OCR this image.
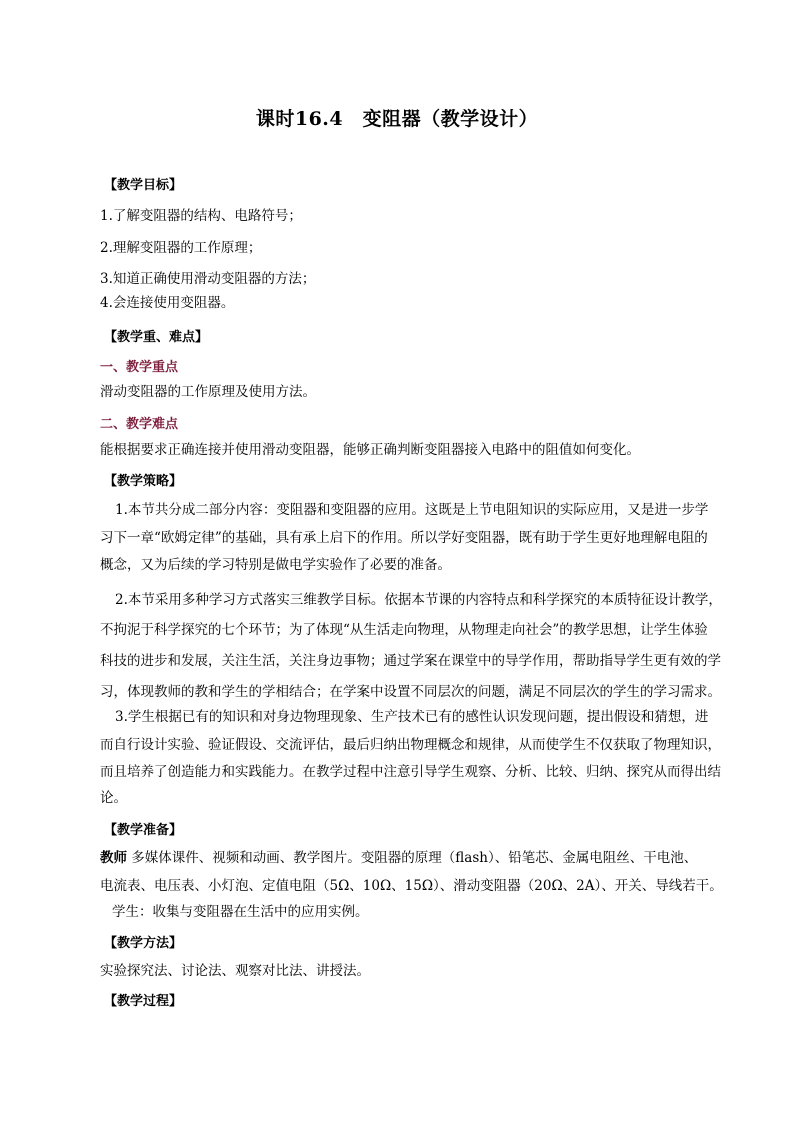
课时16.4　变阻器（教学设计）
【教学目标】
1.了解变阻器的结构、电路符号；
2.理解变阻器的工作原理；
3.知道正确使用滑动变阻器的方法；
4.会连接使用变阻器。
【教学重、难点】
一、教学重点
滑动变阻器的工作原理及使用方法。
二、教学难点
能根据要求正确连接并使用滑动变阻器，能够正确判断变阻器接入电路中的阻值如何变化。
【教学策略】
1.本节共分成二部分内容：变阻器和变阻器的应用。这既是上节电阻知识的实际应用，又是进一步学
习下一章“欧姆定律”的基础，具有承上启下的作用。所以学好变阻器，既有助于学生更好地理解电阻的
概念，又为后续的学习特别是做电学实验作了必要的准备。
2.本节采用多种学习方式落实三维教学目标。依据本节课的内容特点和科学探究的本质特征设计教学，
不拘泥于科学探究的七个环节；为了体现“从生活走向物理，从物理走向社会”的教学思想，让学生体验
科技的进步和发展，关注生活，关注身边事物；通过学案在课堂中的导学作用，帮助指导学生更有效的学
习，体现教师的教和学生的学相结合；在学案中设置不同层次的问题，满足不同层次的学生的学习需求。
3.学生根据已有的知识和对身边物理现象、生产技术已有的感性认识发现问题，提出假设和猜想，进
而自行设计实验、验证假设、交流评估，最后归纳出物理概念和规律，从而使学生不仅获取了物理知识，
而且培养了创造能力和实践能力。在教学过程中注意引导学生观察、分析、比较、归纳、探究从而得出结
论。
【教学准备】
教师 多媒体课件、视频和动画、教学图片。变阻器的原理（flash）、铅笔芯、金属电阻丝、干电池、
电流表、电压表、小灯泡、定值电阻（5Ω、10Ω、15Ω）、滑动变阻器（20Ω、2A）、开关、导线若干。
学生：收集与变阻器在生活中的应用实例。
【教学方法】
实验探究法、讨论法、观察对比法、讲授法。
【教学过程】
